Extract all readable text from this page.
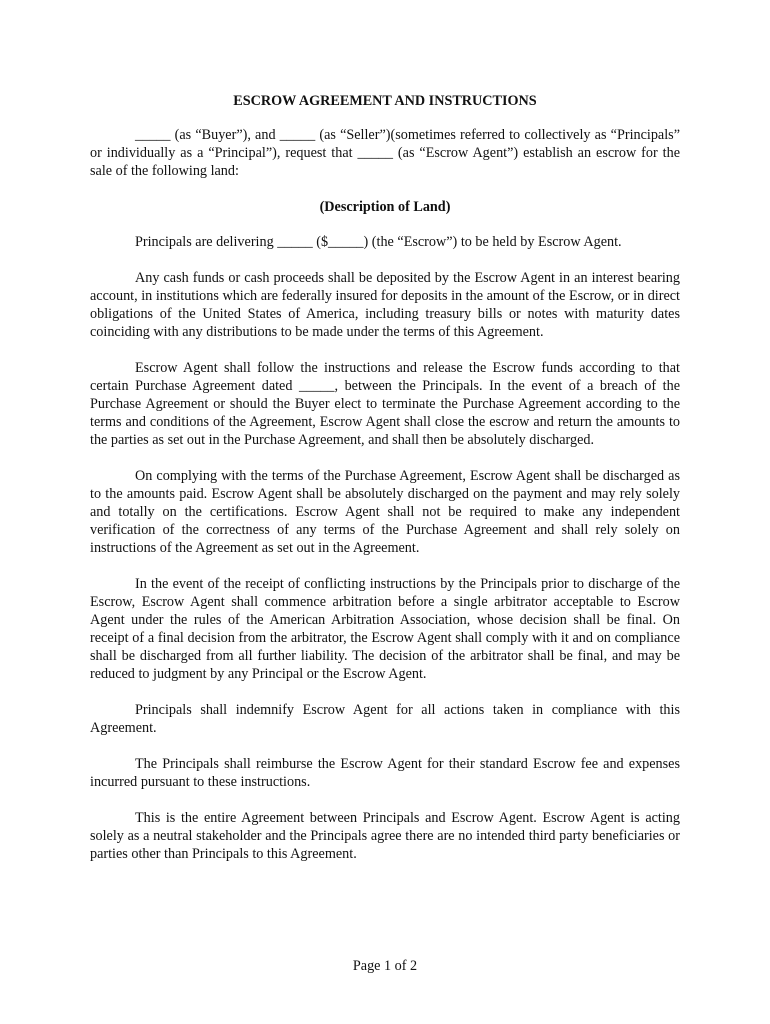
ESCROW AGREEMENT AND INSTRUCTIONS

_____ (as “Buyer”), and _____ (as “Seller”)(sometimes referred to collectively as “Principals” or individually as a “Principal”), request that _____ (as “Escrow Agent”) establish an escrow for the sale of the following land:

(Description of Land)

Principals are delivering _____ ($_____) (the “Escrow”) to be held by Escrow Agent.

Any cash funds or cash proceeds shall be deposited by the Escrow Agent in an interest bearing account, in institutions which are federally insured for deposits in the amount of the Escrow, or in direct obligations of the United States of America, including treasury bills or notes with maturity dates coinciding with any distributions to be made under the terms of this Agreement.

Escrow Agent shall follow the instructions and release the Escrow funds according to that certain Purchase Agreement dated _____, between the Principals. In the event of a breach of the Purchase Agreement or should the Buyer elect to terminate the Purchase Agreement according to the terms and conditions of the Agreement, Escrow Agent shall close the escrow and return the amounts to the parties as set out in the Purchase Agreement, and shall then be absolutely discharged.

On complying with the terms of the Purchase Agreement, Escrow Agent shall be discharged as to the amounts paid. Escrow Agent shall be absolutely discharged on the payment and may rely solely and totally on the certifications. Escrow Agent shall not be required to make any independent verification of the correctness of any terms of the Purchase Agreement and shall rely solely on instructions of the Agreement as set out in the Agreement.

In the event of the receipt of conflicting instructions by the Principals prior to discharge of the Escrow, Escrow Agent shall commence arbitration before a single arbitrator acceptable to Escrow Agent under the rules of the American Arbitration Association, whose decision shall be final. On receipt of a final decision from the arbitrator, the Escrow Agent shall comply with it and on compliance shall be discharged from all further liability. The decision of the arbitrator shall be final, and may be reduced to judgment by any Principal or the Escrow Agent.

Principals shall indemnify Escrow Agent for all actions taken in compliance with this Agreement.

The Principals shall reimburse the Escrow Agent for their standard Escrow fee and expenses incurred pursuant to these instructions.

This is the entire Agreement between Principals and Escrow Agent. Escrow Agent is acting solely as a neutral stakeholder and the Principals agree there are no intended third party beneficiaries or parties other than Principals to this Agreement.

Page 1 of 2
